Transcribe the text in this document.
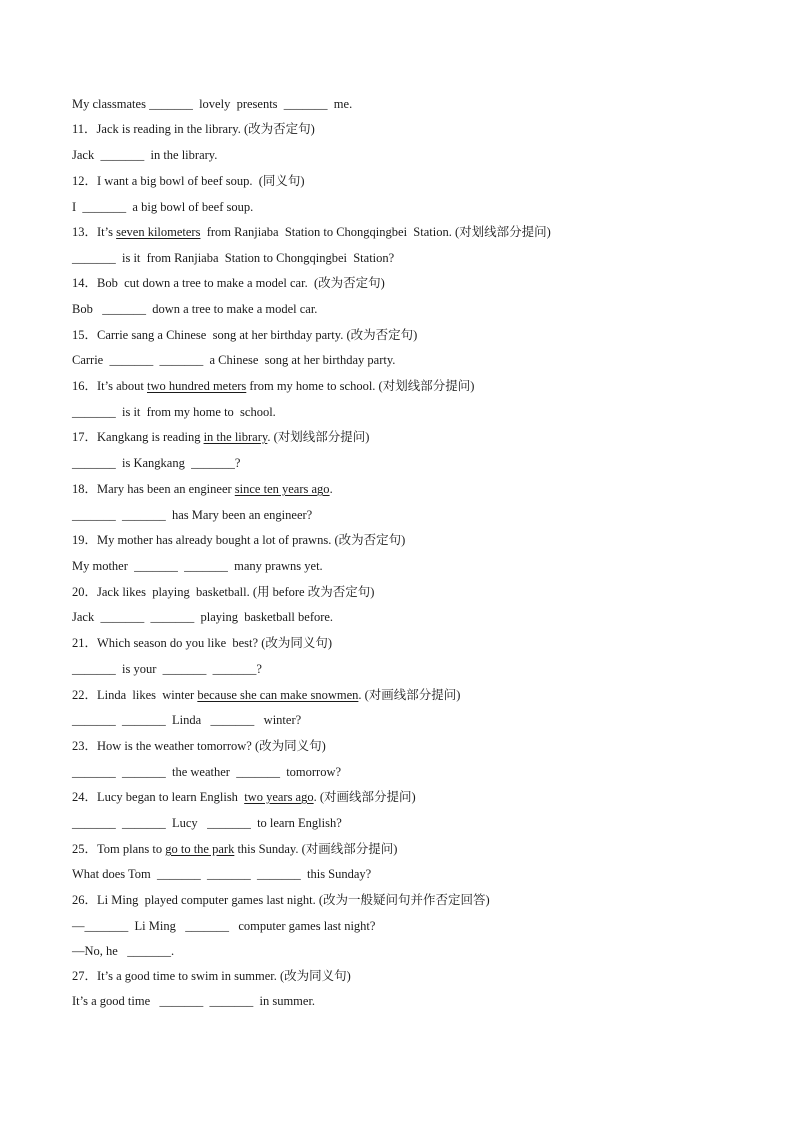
My classmates _______  lovely  presents  _______  me.
11．Jack is reading in the library. (改为否定句)
Jack  _______  in the library.
12．I want a big bowl of beef soup.  (同义句)
I  _______  a big bowl of beef soup.
13．It’s seven kilometers  from Ranjiaba  Station to Chongqingbei  Station. (对划线部分提问)
_______  is it  from Ranjiaba  Station to Chongqingbei  Station?
14．Bob  cut down a tree to make a model car.  (改为否定句)
Bob   _______  down a tree to make a model car.
15．Carrie sang a Chinese  song at her birthday party. (改为否定句)
Carrie  _______ _______  a Chinese  song at her birthday party.
16．It’s about two hundred meters from my home to school. (对划线部分提问)
_______  is it  from my home to  school.
17．Kangkang is reading in the library. (对划线部分提问)
_______  is Kangkang  _______?
18．Mary has been an engineer since ten years ago.
_______ _______  has Mary been an engineer?
19．My mother has already bought a lot of prawns. (改为否定句)
My mother  _______ _______  many prawns yet.
20．Jack likes  playing  basketball. (用 before 改为否定句)
Jack  _______ _______  playing  basketball before.
21．Which season do you like  best? (改为同义句)
_______  is your  _______ _______?
22．Linda  likes  winter because she can make snowmen. (对画线部分提问)
_______ _______  Linda   _______   winter?
23．How is the weather tomorrow? (改为同义句)
_______ _______  the weather  _______  tomorrow?
24．Lucy began to learn English  two years ago. (对画线部分提问)
_______ _______  Lucy   _______  to learn English?
25．Tom plans to go to the park this Sunday. (对画线部分提问)
What does Tom  _______ _______ _______  this Sunday?
26．Li Ming  played computer games last night. (改为一般疑问句并作否定回答)
—_______  Li Ming   _______   computer games last night?
—No, he   _______.
27．It’s a good time to swim in summer. (改为同义句)
It’s a good time   _______ _______  in summer.
